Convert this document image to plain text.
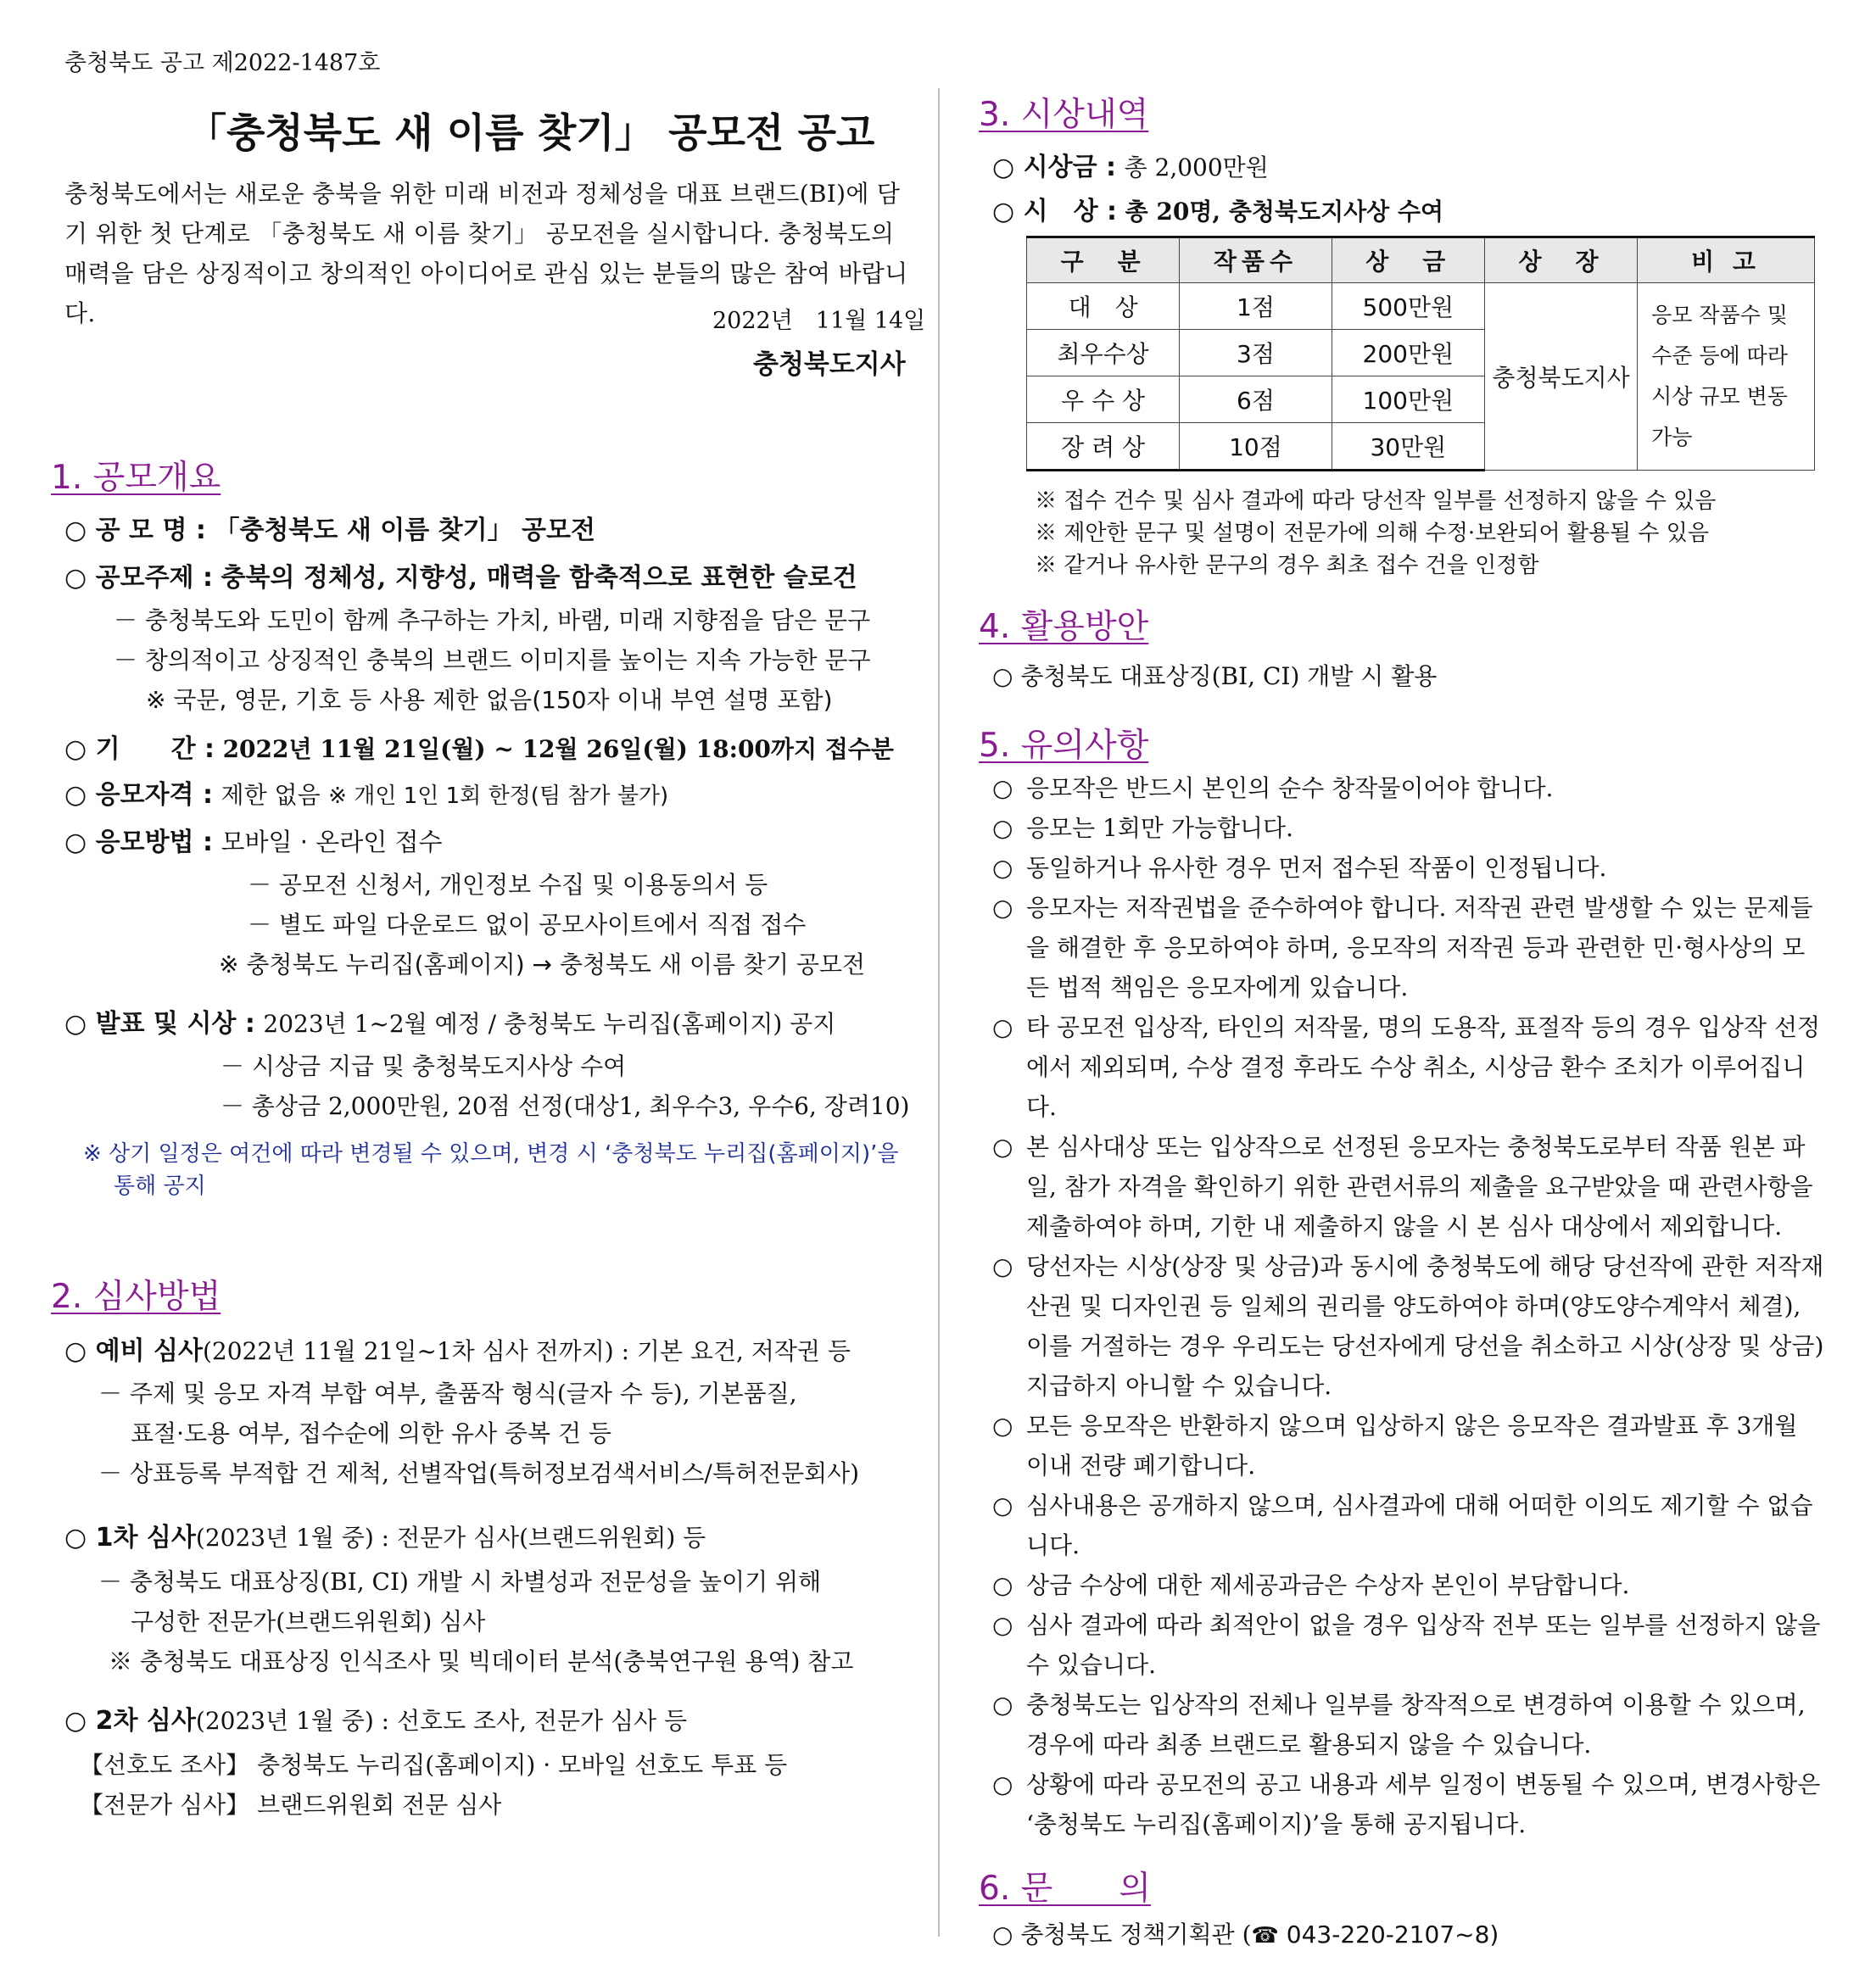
충청북도 공고 제2022-1487호
「충청북도 새 이름 찾기」 공모전 공고
충청북도에서는 새로운 충북을 위한 미래 비전과 정체성을 대표 브랜드(BI)에 담기 위한 첫 단계로 「충청북도 새 이름 찾기」 공모전을 실시합니다. 충청북도의 매력을 담은 상징적이고 창의적인 아이디어로 관심 있는 분들의 많은 참여 바랍니다.	2022년　11월 14일
충청북도지사
1. 공모개요
○ 공 모 명 : 「충청북도 새 이름 찾기」 공모전
○ 공모주제 : 충북의 정체성, 지향성, 매력을 함축적으로 표현한 슬로건
－ 충청북도와 도민이 함께 추구하는 가치, 바램, 미래 지향점을 담은 문구
－ 창의적이고 상징적인 충북의 브랜드 이미지를 높이는 지속 가능한 문구
※ 국문, 영문, 기호 등 사용 제한 없음(150자 이내 부연 설명 포함)
○ 기　　간 : 2022년 11월 21일(월) ~ 12월 26일(월) 18:00까지 접수분
○ 응모자격 : 제한 없음 ※ 개인 1인 1회 한정(팀 참가 불가)
○ 응모방법 : 모바일 · 온라인 접수
－ 공모전 신청서, 개인정보 수집 및 이용동의서 등
－ 별도 파일 다운로드 없이 공모사이트에서 직접 접수
※ 충청북도 누리집(홈페이지) → 충청북도 새 이름 찾기 공모전
○ 발표 및 시상 : 2023년 1~2월 예정 / 충청북도 누리집(홈페이지) 공지
－ 시상금 지급 및 충청북도지사상 수여
－ 총상금 2,000만원, 20점 선정(대상1, 최우수3, 우수6, 장려10)
※ 상기 일정은 여건에 따라 변경될 수 있으며, 변경 시 ‘충청북도 누리집(홈페이지)’을
통해 공지
2. 심사방법
○ 예비 심사(2022년 11월 21일~1차 심사 전까지) : 기본 요건, 저작권 등
－ 주제 및 응모 자격 부합 여부, 출품작 형식(글자 수 등), 기본품질,
표절·도용 여부, 접수순에 의한 유사 중복 건 등
－ 상표등록 부적합 건 제척, 선별작업(특허정보검색서비스/특허전문회사)
○ 1차 심사(2023년 1월 중) : 전문가 심사(브랜드위원회) 등
－ 충청북도 대표상징(BI, CI) 개발 시 차별성과 전문성을 높이기 위해
구성한 전문가(브랜드위원회) 심사
※ 충청북도 대표상징 인식조사 및 빅데이터 분석(충북연구원 용역) 참고
○ 2차 심사(2023년 1월 중) : 선호도 조사, 전문가 심사 등
【선호도 조사】 충청북도 누리집(홈페이지) · 모바일 선호도 투표 등
【전문가 심사】 브랜드위원회 전문 심사
3. 시상내역
○ 시상금 : 총 2,000만원
○ 시　상 : 총 20명, 충청북도지사상 수여
구　분	작품수	상　금	상　장	비 고
대　상	1점	500만원	충청북도지사	응모 작품수 및
수준 등에 따라
시상 규모 변동
가능

최우수상	3점	200만원		
우 수 상	6점	100만원		
장 려 상	10점	30만원		
※ 접수 건수 및 심사 결과에 따라 당선작 일부를 선정하지 않을 수 있음
※ 제안한 문구 및 설명이 전문가에 의해 수정·보완되어 활용될 수 있음
※ 같거나 유사한 문구의 경우 최초 접수 건을 인정함
4. 활용방안
○ 충청북도 대표상징(BI, CI) 개발 시 활용
5. 유의사항
○ 응모작은 반드시 본인의 순수 창작물이어야 합니다.
○ 응모는 1회만 가능합니다.
○ 동일하거나 유사한 경우 먼저 접수된 작품이 인정됩니다.
○ 응모자는 저작권법을 준수하여야 합니다. 저작권 관련 발생할 수 있는 문제들을 해결한 후 응모하여야 하며, 응모작의 저작권 등과 관련한 민·형사상의 모든 법적 책임은 응모자에게 있습니다.
○ 타 공모전 입상작, 타인의 저작물, 명의 도용작, 표절작 등의 경우 입상작 선정에서 제외되며, 수상 결정 후라도 수상 취소, 시상금 환수 조치가 이루어집니다.
○ 본 심사대상 또는 입상작으로 선정된 응모자는 충청북도로부터 작품 원본 파일, 참가 자격을 확인하기 위한 관련서류의 제출을 요구받았을 때 관련사항을 제출하여야 하며, 기한 내 제출하지 않을 시 본 심사 대상에서 제외합니다.
○ 당선자는 시상(상장 및 상금)과 동시에 충청북도에 해당 당선작에 관한 저작재산권 및 디자인권 등 일체의 권리를 양도하여야 하며(양도양수계약서 체결), 이를 거절하는 경우 우리도는 당선자에게 당선을 취소하고 시상(상장 및 상금) 지급하지 아니할 수 있습니다.
○ 모든 응모작은 반환하지 않으며 입상하지 않은 응모작은 결과발표 후 3개월 이내 전량 폐기합니다.
○ 심사내용은 공개하지 않으며, 심사결과에 대해 어떠한 이의도 제기할 수 없습니다.
○ 상금 수상에 대한 제세공과금은 수상자 본인이 부담합니다.
○ 심사 결과에 따라 최적안이 없을 경우 입상작 전부 또는 일부를 선정하지 않을 수 있습니다.
○ 충청북도는 입상작의 전체나 일부를 창작적으로 변경하여 이용할 수 있으며, 경우에 따라 최종 브랜드로 활용되지 않을 수 있습니다.
○ 상황에 따라 공모전의 공고 내용과 세부 일정이 변동될 수 있으며, 변경사항은 ‘충청북도 누리집(홈페이지)’을 통해 공지됩니다.
6. 문　　의
○ 충청북도 정책기획관 (☎ 043-220-2107~8)
